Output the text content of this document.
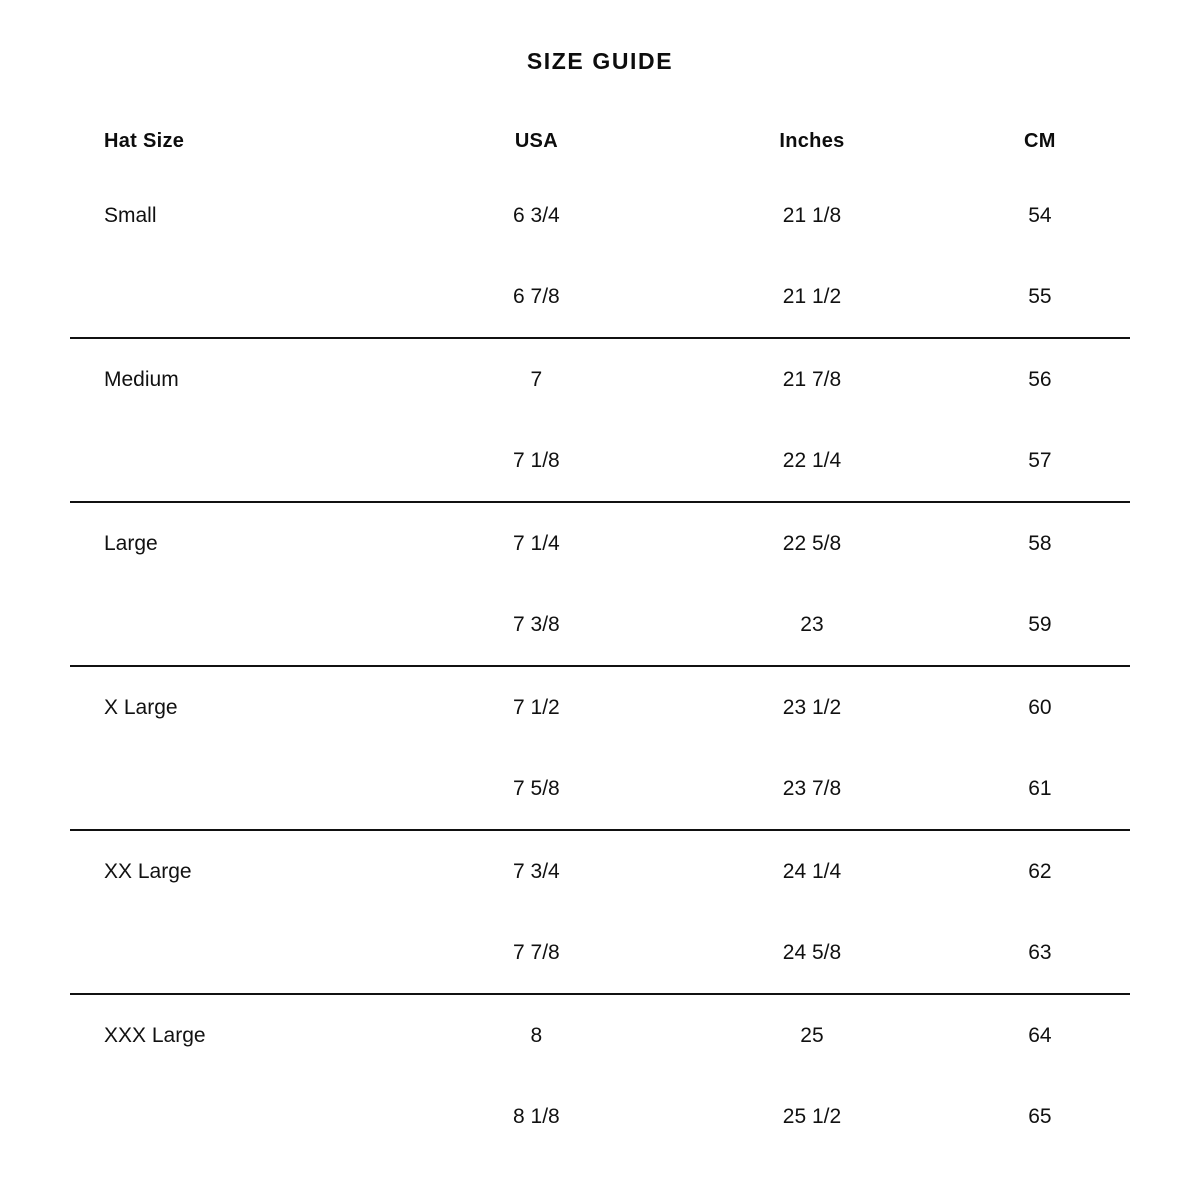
SIZE GUIDE
Hat Size	USA	Inches	CM
Small	6 3/4	21 1/8	54
	6 7/8	21 1/2	55
Medium	7	21 7/8	56
	7 1/8	22 1/4	57
Large	7 1/4	22 5/8	58
	7 3/8	23	59
X Large	7 1/2	23 1/2	60
	7 5/8	23 7/8	61
XX Large	7 3/4	24 1/4	62
	7 7/8	24 5/8	63
XXX Large	8	25	64
	8 1/8	25 1/2	65
